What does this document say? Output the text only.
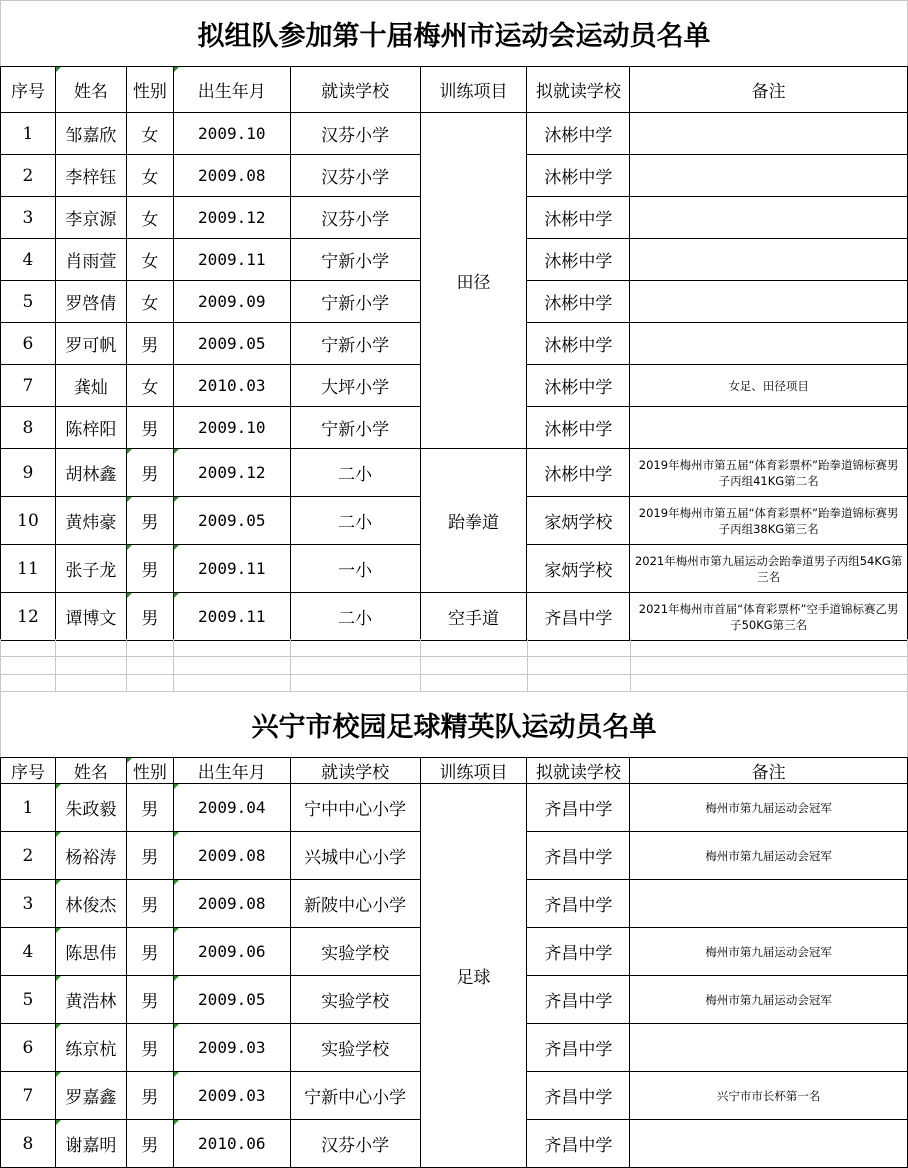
拟组队参加第十届梅州市运动会运动员名单
序号	姓名	性别	出生年月	就读学校	训练项目	拟就读学校	备注
1	邹嘉欣	女	2009.10	汉芬小学	田径	沐彬中学	
2	李梓钰	女	2009.08	汉芬小学		沐彬中学	
3	李京源	女	2009.12	汉芬小学		沐彬中学	
4	肖雨萱	女	2009.11	宁新小学		沐彬中学	
5	罗啓倩	女	2009.09	宁新小学		沐彬中学	
6	罗可帆	男	2009.05	宁新小学		沐彬中学	
7	龚灿	女	2010.03	大坪小学		沐彬中学	女足、田径项目
8	陈梓阳	男	2009.10	宁新小学		沐彬中学	
9	胡林鑫	男	2009.12	二小	跆拳道	沐彬中学	2019年梅州市第五届“体育彩票杯”跆拳道锦标赛男子丙组41KG第二名
10	黄炜豪	男	2009.05	二小		家炳学校	2019年梅州市第五届“体育彩票杯”跆拳道锦标赛男子丙组38KG第三名
11	张子龙	男	2009.11	一小		家炳学校	2021年梅州市第九届运动会跆拳道男子丙组54KG第三名
12	谭博文	男	2009.11	二小	空手道	齐昌中学	2021年梅州市首届“体育彩票杯”空手道锦标赛乙男子50KG第三名
兴宁市校园足球精英队运动员名单
序号	姓名	性别	出生年月	就读学校	训练项目	拟就读学校	备注
1	朱政毅	男	2009.04	宁中中心小学	足球	齐昌中学	梅州市第九届运动会冠军
2	杨裕涛	男	2009.08	兴城中心小学		齐昌中学	梅州市第九届运动会冠军
3	林俊杰	男	2009.08	新陂中心小学		齐昌中学	
4	陈思伟	男	2009.06	实验学校		齐昌中学	梅州市第九届运动会冠军
5	黄浩林	男	2009.05	实验学校		齐昌中学	梅州市第九届运动会冠军
6	练京杭	男	2009.03	实验学校		齐昌中学	
7	罗嘉鑫	男	2009.03	宁新中心小学		齐昌中学	兴宁市市长杯第一名
8	谢嘉明	男	2010.06	汉芬小学		齐昌中学	
